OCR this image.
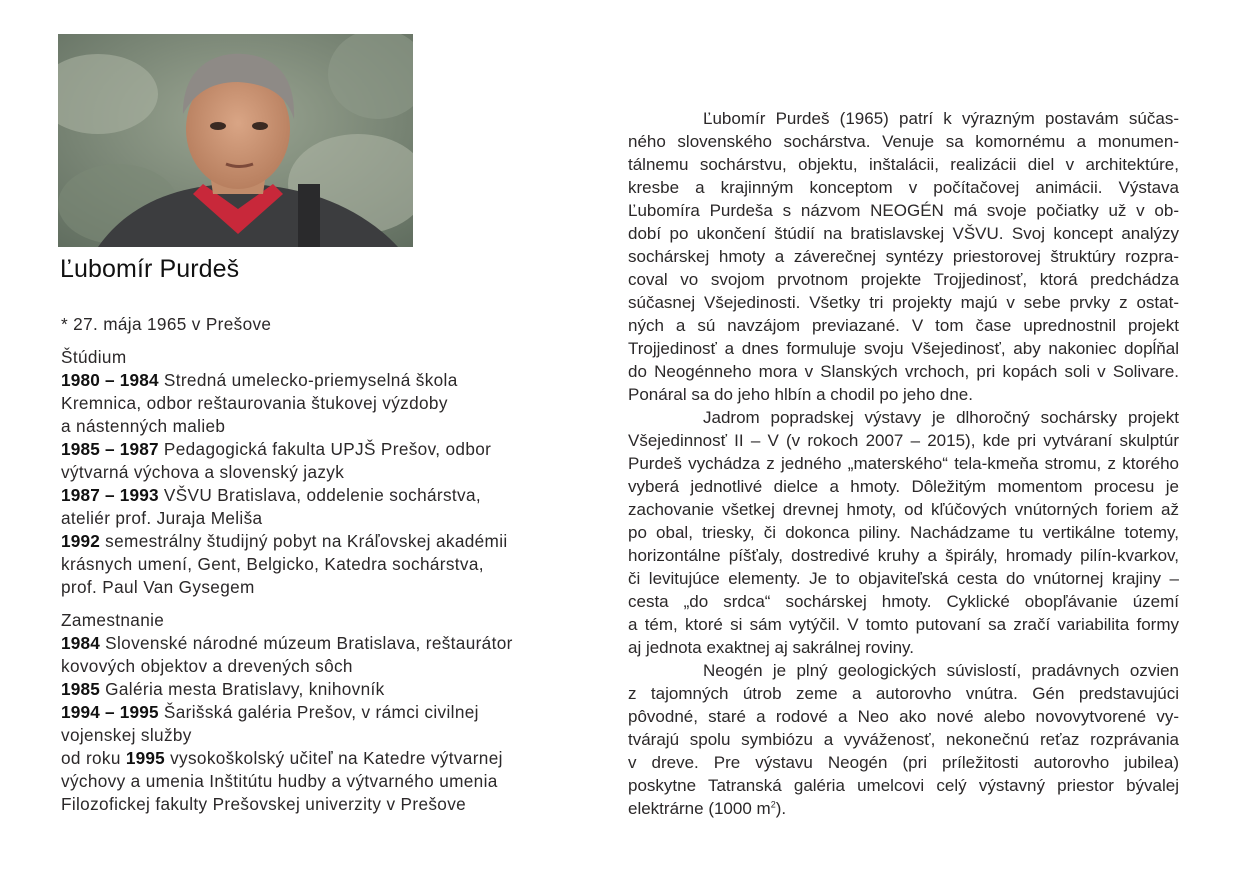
Ľubomír Purdeš
* 27. mája 1965 v Prešove
Štúdium
1980 – 1984 Stredná umelecko-priemyselná škola
Kremnica, odbor reštaurovania štukovej výzdoby
a nástenných malieb
1985 – 1987 Pedagogická fakulta UPJŠ Prešov, odbor
výtvarná výchova a slovenský jazyk
1987 – 1993 VŠVU Bratislava, oddelenie sochárstva,
ateliér prof. Juraja Meliša
1992 semestrálny študijný pobyt na Kráľovskej akadémii
krásnych umení, Gent, Belgicko, Katedra sochárstva,
prof. Paul Van Gysegem
Zamestnanie
1984 Slovenské národné múzeum Bratislava, reštaurátor
kovových objektov a drevených sôch
1985 Galéria mesta Bratislavy, knihovník
1994 – 1995 Šarišská galéria Prešov, v rámci civilnej
vojenskej služby
od roku 1995 vysokoškolský učiteľ na Katedre výtvarnej
výchovy a umenia Inštitútu hudby a výtvarného umenia
Filozofickej fakulty Prešovskej univerzity v Prešove

Ľubomír Purdeš (1965) patrí k výrazným postavám súčas-
ného slovenského sochárstva. Venuje sa komornému a monumen-
tálnemu sochárstvu, objektu, inštalácii, realizácii diel v architektúre,
kresbe a krajinným konceptom v počítačovej animácii. Výstava
Ľubomíra Purdeša s názvom NEOGÉN má svoje počiatky už v ob-
dobí po ukončení štúdií na bratislavskej VŠVU. Svoj koncept analýzy
sochárskej hmoty a záverečnej syntézy priestorovej štruktúry rozpra-
coval vo svojom prvotnom projekte Trojjedinosť, ktorá predchádza
súčasnej Všejedinosti. Všetky tri projekty majú v sebe prvky z ostat-
ných a sú navzájom previazané. V tom čase uprednostnil projekt
Trojjedinosť a dnes formuluje svoju Všejedinosť, aby nakoniec dopĺňal
do Neogénneho mora v Slanských vrchoch, pri kopách soli v Solivare.
Ponáral sa do jeho hlbín a chodil po jeho dne.

Jadrom popradskej výstavy je dlhoročný sochársky projekt
Všejedinnosť II – V (v rokoch 2007 – 2015), kde pri vytváraní skulptúr
Purdeš vychádza z jedného „materského“ tela-kmeňa stromu, z ktorého
vyberá jednotlivé dielce a hmoty. Dôležitým momentom procesu je
zachovanie všetkej drevnej hmoty, od kľúčových vnútorných foriem až
po obal, triesky, či dokonca piliny. Nachádzame tu vertikálne totemy,
horizontálne píšťaly, dostredivé kruhy a špirály, hromady pilín-kvarkov,
či levitujúce elementy. Je to objaviteľská cesta do vnútornej krajiny –
cesta „do srdca“ sochárskej hmoty. Cyklické obopľávanie území
a tém, ktoré si sám vytýčil. V tomto putovaní sa zračí variabilita formy
aj jednota exaktnej aj sakrálnej roviny.

Neogén je plný geologických súvislostí, pradávnych ozvien
z tajomných útrob zeme a autorovho vnútra. Gén predstavujúci
pôvodné, staré a rodové a Neo ako nové alebo novovytvorené vy-
tvárajú spolu symbiózu a vyváženosť, nekonečnú reťaz rozprávania
v dreve. Pre výstavu Neogén (pri príležitosti autorovho jubilea)
poskytne Tatranská galéria umelcovi celý výstavný priestor bývalej
elektrárne (1000 $m^2$).
